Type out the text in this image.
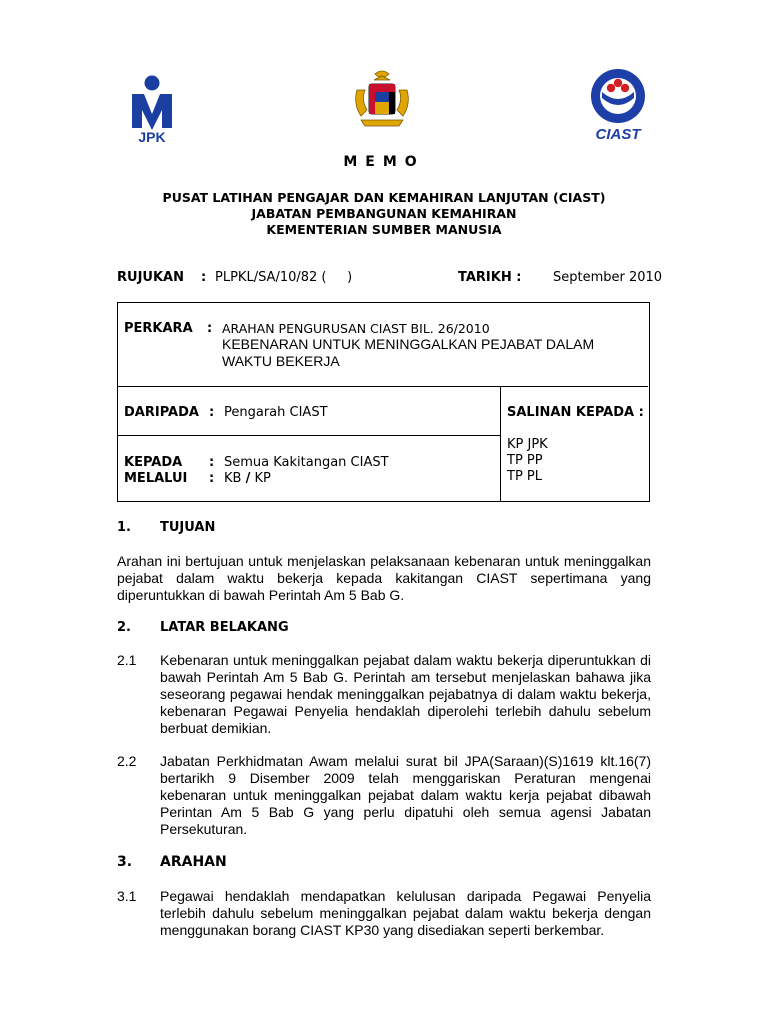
JPK	CIAST
MEMO
PUSAT LATIHAN PENGAJAR DAN KEMAHIRAN LANJUTAN (CIAST)
JABATAN PEMBANGUNAN KEMAHIRAN
KEMENTERIAN SUMBER MANUSIA
RUJUKAN : PLPKL/SA/10/82 (     )	TARIKH : September 2010
PERKARA : ARAHAN PENGURUSAN CIAST BIL. 26/2010
KEBENARAN UNTUK MENINGGALKAN PEJABAT DALAM
WAKTU BEKERJA
DARIPADA : Pengarah CIAST
KEPADA : Semua Kakitangan CIAST
MELALUI : KB / KP
SALINAN KEPADA :
KP JPK
TP PP
TP PL
1. TUJUAN
Arahan ini bertujuan untuk menjelaskan pelaksanaan kebenaran untuk meninggalkan pejabat dalam waktu bekerja kepada kakitangan CIAST sepertimana yang diperuntukkan di bawah Perintah Am 5 Bab G.
2. LATAR BELAKANG
2.1 Kebenaran untuk meninggalkan pejabat dalam waktu bekerja diperuntukkan di bawah Perintah Am 5 Bab G. Perintah am tersebut menjelaskan bahawa jika seseorang pegawai hendak meninggalkan pejabatnya di dalam waktu bekerja, kebenaran Pegawai Penyelia hendaklah diperolehi terlebih dahulu sebelum berbuat demikian.
2.2 Jabatan Perkhidmatan Awam melalui surat bil JPA(Saraan)(S)1619 klt.16(7) bertarikh 9 Disember 2009 telah menggariskan Peraturan mengenai kebenaran untuk meninggalkan pejabat dalam waktu kerja pejabat dibawah Perintan Am 5 Bab G yang perlu dipatuhi oleh semua agensi Jabatan Persekuturan.
3. ARAHAN
3.1 Pegawai hendaklah mendapatkan kelulusan daripada Pegawai Penyelia terlebih dahulu sebelum meninggalkan pejabat dalam waktu bekerja dengan menggunakan borang CIAST KP30 yang disediakan seperti berkembar.
